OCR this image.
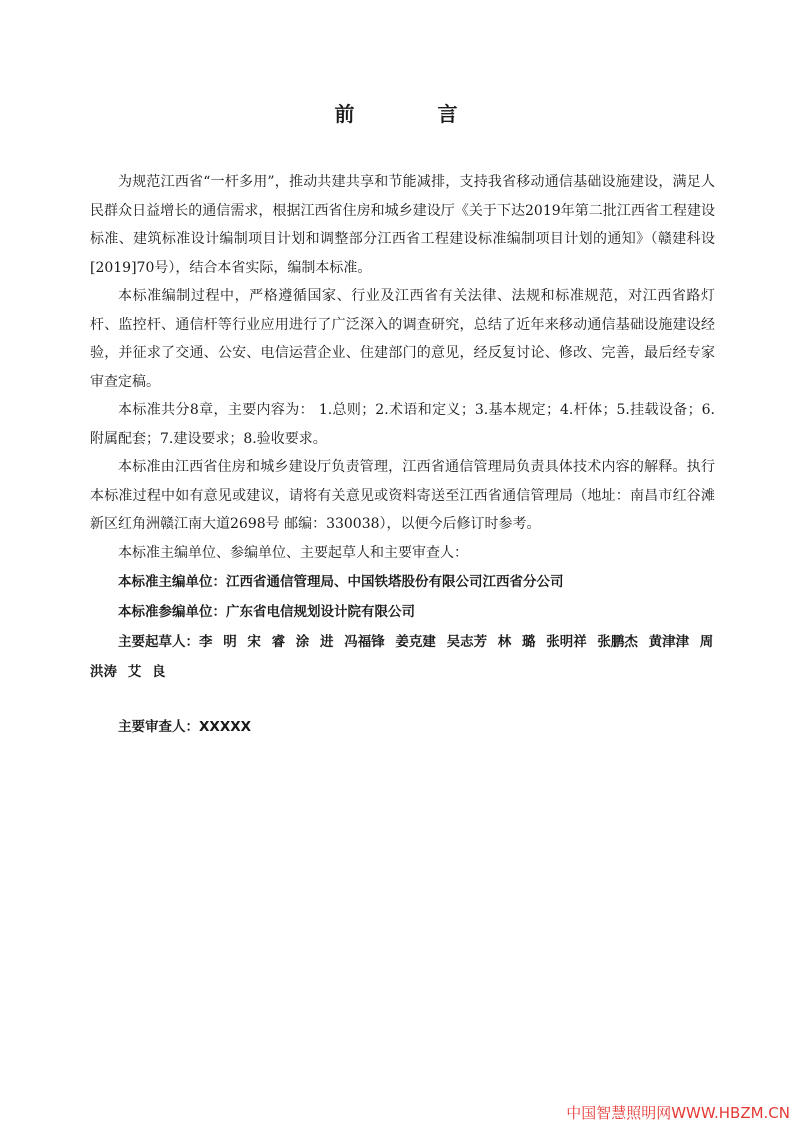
前 言

为规范江西省“一杆多用”，推动共建共享和节能减排，支持我省移动通信基础设施建设，满足人民群众日益增长的通信需求，根据江西省住房和城乡建设厅《关于下达2019年第二批江西省工程建设标准、建筑标准设计编制项目计划和调整部分江西省工程建设标准编制项目计划的通知》（赣建科设[2019]70号），结合本省实际，编制本标准。

本标准编制过程中，严格遵循国家、行业及江西省有关法律、法规和标准规范，对江西省路灯杆、监控杆、通信杆等行业应用进行了广泛深入的调查研究，总结了近年来移动通信基础设施建设经验，并征求了交通、公安、电信运营企业、住建部门的意见，经反复讨论、修改、完善，最后经专家审查定稿。

本标准共分8章，主要内容为： 1.总则；2.术语和定义；3.基本规定；4.杆体；5.挂载设备；6.附属配套；7.建设要求；8.验收要求。

本标准由江西省住房和城乡建设厅负责管理，江西省通信管理局负责具体技术内容的解释。执行本标准过程中如有意见或建议，请将有关意见或资料寄送至江西省通信管理局（地址：南昌市红谷滩新区红角洲赣江南大道2698号 邮编：330038），以便今后修订时参考。

本标准主编单位、参编单位、主要起草人和主要审查人：

本标准主编单位：江西省通信管理局、中国铁塔股份有限公司江西省分公司

本标准参编单位：广东省电信规划设计院有限公司

主要起草人：李 明 宋 睿 涂 进 冯福锋 姜克建 吴志芳 林 璐 张明祥 张鹏杰 黄津津 周洪涛 艾 良

主要审查人：XXXXX
中国智慧照明网WWW.HBZM.CN
